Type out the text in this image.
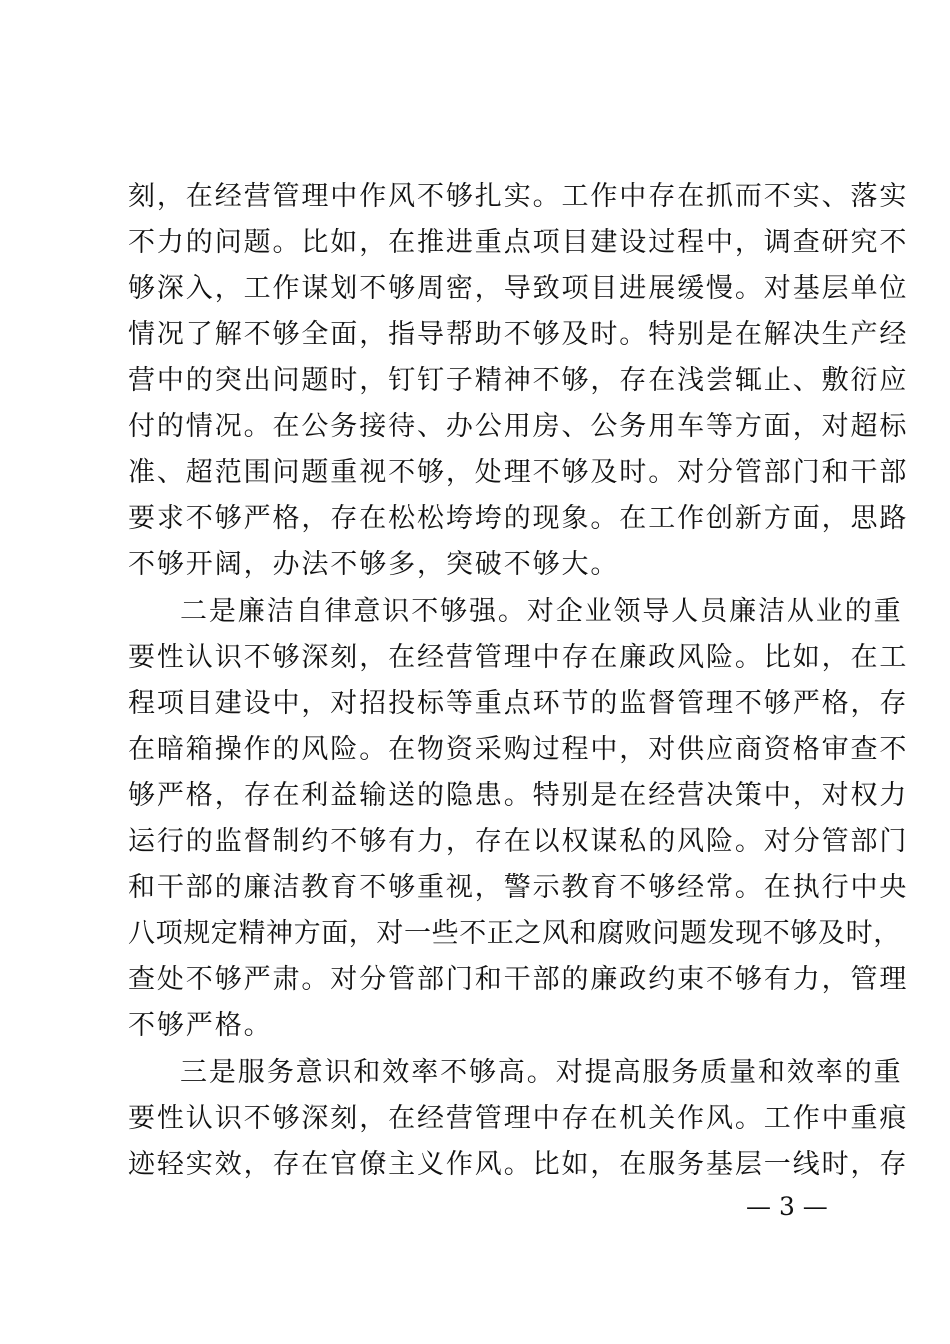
刻，在经营管理中作风不够扎实。工作中存在抓而不实、落实
不力的问题。比如，在推进重点项目建设过程中，调查研究不
够深入，工作谋划不够周密，导致项目进展缓慢。对基层单位
情况了解不够全面，指导帮助不够及时。特别是在解决生产经
营中的突出问题时，钉钉子精神不够，存在浅尝辄止、敷衍应
付的情况。在公务接待、办公用房、公务用车等方面，对超标
准、超范围问题重视不够，处理不够及时。对分管部门和干部
要求不够严格，存在松松垮垮的现象。在工作创新方面，思路
不够开阔，办法不够多，突破不够大。
二是廉洁自律意识不够强。对企业领导人员廉洁从业的重
要性认识不够深刻，在经营管理中存在廉政风险。比如，在工
程项目建设中，对招投标等重点环节的监督管理不够严格，存
在暗箱操作的风险。在物资采购过程中，对供应商资格审查不
够严格，存在利益输送的隐患。特别是在经营决策中，对权力
运行的监督制约不够有力，存在以权谋私的风险。对分管部门
和干部的廉洁教育不够重视，警示教育不够经常。在执行中央
八项规定精神方面，对一些不正之风和腐败问题发现不够及时，
查处不够严肃。对分管部门和干部的廉政约束不够有力，管理
不够严格。
三是服务意识和效率不够高。对提高服务质量和效率的重
要性认识不够深刻，在经营管理中存在机关作风。工作中重痕
迹轻实效，存在官僚主义作风。比如，在服务基层一线时，存
— 3 —
